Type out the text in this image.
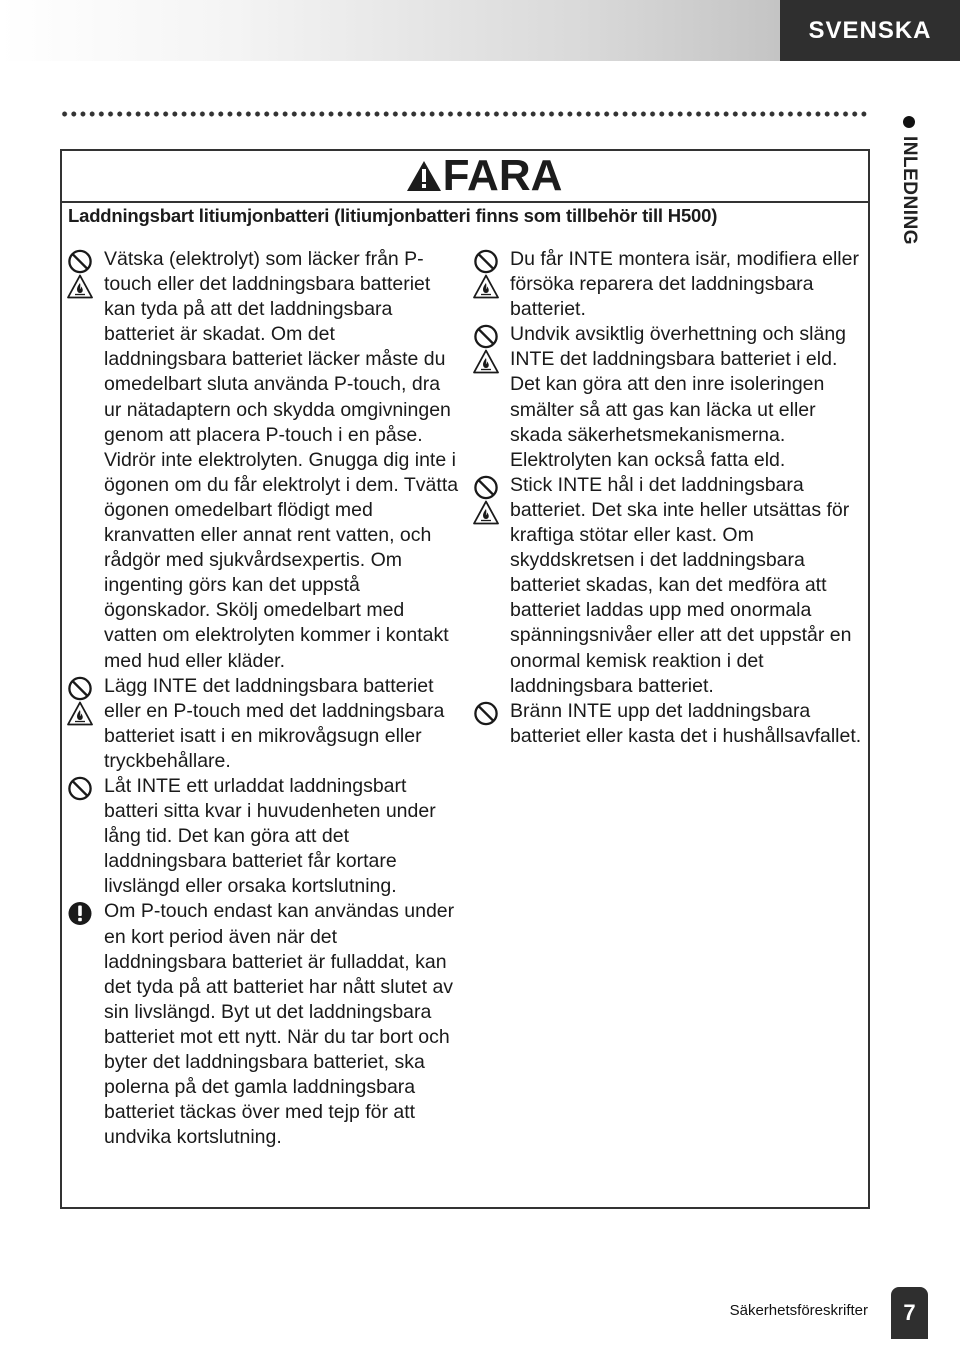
SVENSKA
INLEDNING
FARA
Laddningsbart litiumjonbatteri (litiumjonbatteri finns som tillbehör till H500)

Vätska (elektrolyt) som läcker från P-touch eller det laddningsbara batteriet kan tyda på att det laddningsbara batteriet är skadat. Om det laddningsbara batteriet läcker måste du omedelbart sluta använda P-touch, dra ur nätadaptern och skydda omgivningen genom att placera P-touch i en påse.

Vidrör inte elektrolyten. Gnugga dig inte i ögonen om du får elektrolyt i dem. Tvätta ögonen omedelbart flödigt med kranvatten eller annat rent vatten, och rådgör med sjukvårdsexpertis. Om ingenting görs kan det uppstå ögonskador. Skölj omedelbart med vatten om elektrolyten kommer i kontakt med hud eller kläder.

Lägg INTE det laddningsbara batteriet eller en P-touch med det laddningsbara batteriet isatt i en mikrovågsugn eller tryckbehållare.

Låt INTE ett urladdat laddningsbart batteri sitta kvar i huvudenheten under lång tid. Det kan göra att det laddningsbara batteriet får kortare livslängd eller orsaka kortslutning.

Om P-touch endast kan användas under en kort period även när det laddningsbara batteriet är fulladdat, kan det tyda på att batteriet har nått slutet av sin livslängd. Byt ut det laddningsbara batteriet mot ett nytt. När du tar bort och byter det laddningsbara batteriet, ska polerna på det gamla laddningsbara batteriet täckas över med tejp för att undvika kortslutning.

Du får INTE montera isär, modifiera eller försöka reparera det laddningsbara batteriet.

Undvik avsiktlig överhettning och släng INTE det laddningsbara batteriet i eld. Det kan göra att den inre isoleringen smälter så att gas kan läcka ut eller skada säkerhetsmekanismerna. Elektrolyten kan också fatta eld.

Stick INTE hål i det laddningsbara batteriet. Det ska inte heller utsättas för kraftiga stötar eller kast. Om skyddskretsen i det laddningsbara batteriet skadas, kan det medföra att batteriet laddas upp med onormala spänningsnivåer eller att det uppstår en onormal kemisk reaktion i det laddningsbara batteriet.

Bränn INTE upp det laddningsbara batteriet eller kasta det i hushållsavfallet.

Säkerhetsföreskrifter	7
